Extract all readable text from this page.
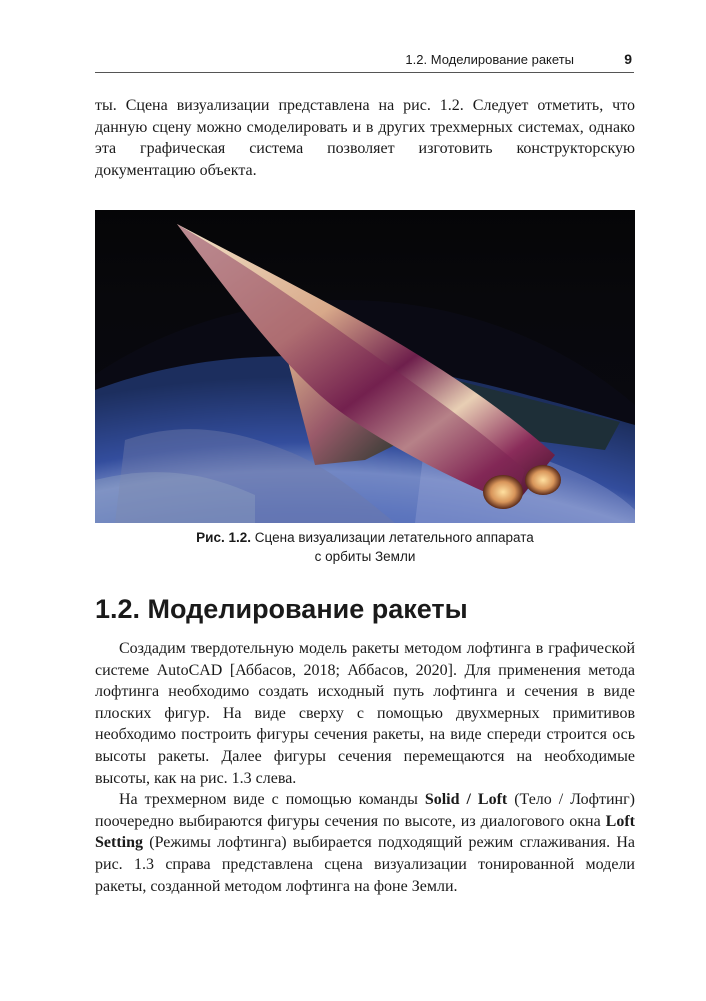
1.2. Моделирование ракеты	9

ты. Сцена визуализации представлена на рис. 1.2. Следует отметить, что данную сцену можно смоделировать и в других трехмерных системах, однако эта графическая система позволяет изготовить конструкторскую документацию объекта.

Рис. 1.2. Сцена визуализации летательного аппарата
с орбиты Земли
1.2. Моделирование ракеты

Создадим твердотельную модель ракеты методом лофтинга в графической системе AutoCAD [Аббасов, 2018; Аббасов, 2020]. Для применения метода лофтинга необходимо создать исходный путь лофтинга и сечения в виде плоских фигур. На виде сверху с помощью двухмерных примитивов необходимо построить фигуры сечения ракеты, на виде спереди строится ось высоты ракеты. Далее фигуры сечения перемещаются на необходимые высоты, как на рис. 1.3 слева.

На трехмерном виде с помощью команды Solid / Loft (Тело / Лофтинг) поочередно выбираются фигуры сечения по высоте, из диалогового окна Loft Setting (Режимы лофтинга) выбирается подходящий режим сглаживания. На рис. 1.3 справа представлена сцена визуализации тонированной модели ракеты, созданной методом лофтинга на фоне Земли.
